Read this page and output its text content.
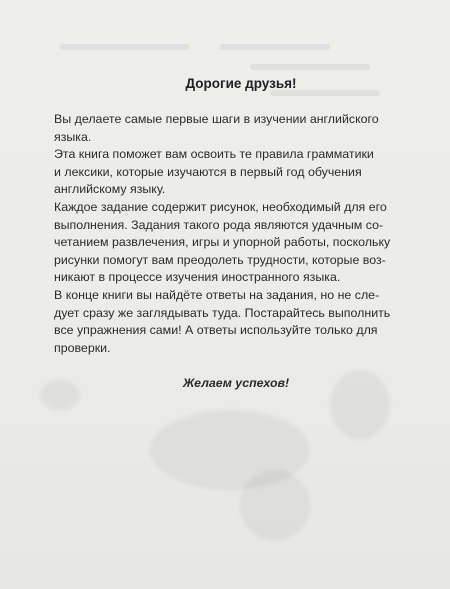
Дорогие друзья!

Вы делаете самые первые шаги в изучении английского
языка.

Эта книга поможет вам освоить те правила грамматики
и лексики, которые изучаются в первый год обучения
английскому языку.

Каждое задание содержит рисунок, необходимый для его
выполнения. Задания такого рода являются удачным со-
четанием развлечения, игры и упорной работы, поскольку
рисунки помогут вам преодолеть трудности, которые воз-
никают в процессе изучения иностранного языка.

В конце книги вы найдёте ответы на задания, но не сле-
дует сразу же заглядывать туда. Постарайтесь выполнить
все упражнения сами! А ответы используйте только для
проверки.

Желаем успехов!
